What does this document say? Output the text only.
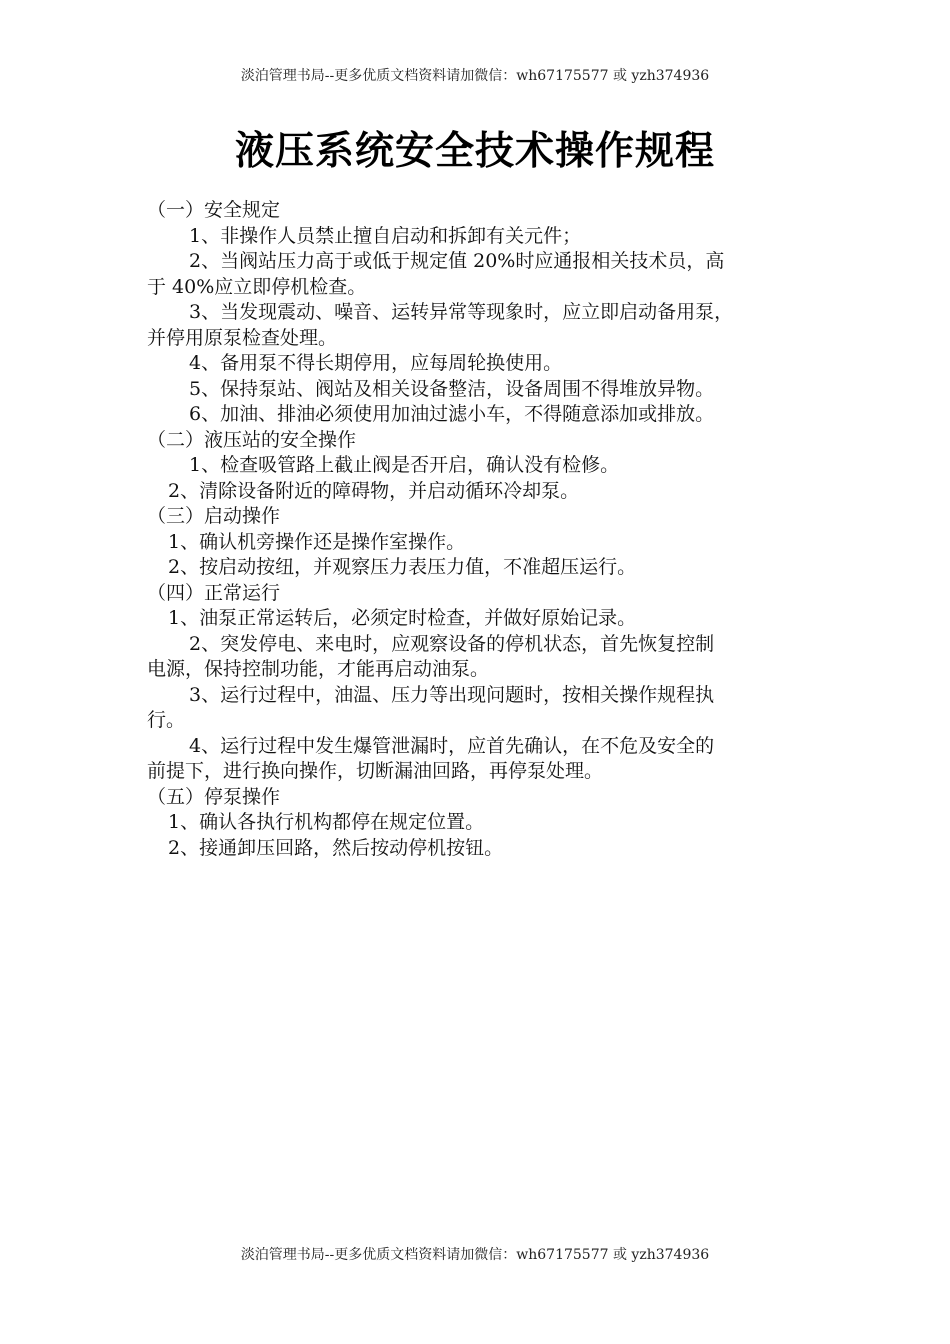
淡泊管理书局--更多优质文档资料请加微信：wh67175577 或 yzh374936
液压系统安全技术操作规程

（一）安全规定

1、非操作人员禁止擅自启动和拆卸有关元件；

2、当阀站压力高于或低于规定值 20%时应通报相关技术员，高

于 40%应立即停机检查。

3、当发现震动、噪音、运转异常等现象时，应立即启动备用泵，

并停用原泵检查处理。

4、备用泵不得长期停用，应每周轮换使用。

5、保持泵站、阀站及相关设备整洁，设备周围不得堆放异物。

6、加油、排油必须使用加油过滤小车，不得随意添加或排放。

（二）液压站的安全操作

1、检查吸管路上截止阀是否开启，确认没有检修。

2、清除设备附近的障碍物，并启动循环冷却泵。

（三）启动操作

1、确认机旁操作还是操作室操作。

2、按启动按纽，并观察压力表压力值，不准超压运行。

（四）正常运行

1、油泵正常运转后，必须定时检查，并做好原始记录。

2、突发停电、来电时，应观察设备的停机状态，首先恢复控制

电源，保持控制功能，才能再启动油泵。

3、运行过程中，油温、压力等出现问题时，按相关操作规程执

行。

4、运行过程中发生爆管泄漏时，应首先确认，在不危及安全的

前提下，进行换向操作，切断漏油回路，再停泵处理。

（五）停泵操作

1、确认各执行机构都停在规定位置。

2、接通卸压回路，然后按动停机按钮。

淡泊管理书局--更多优质文档资料请加微信：wh67175577 或 yzh374936
